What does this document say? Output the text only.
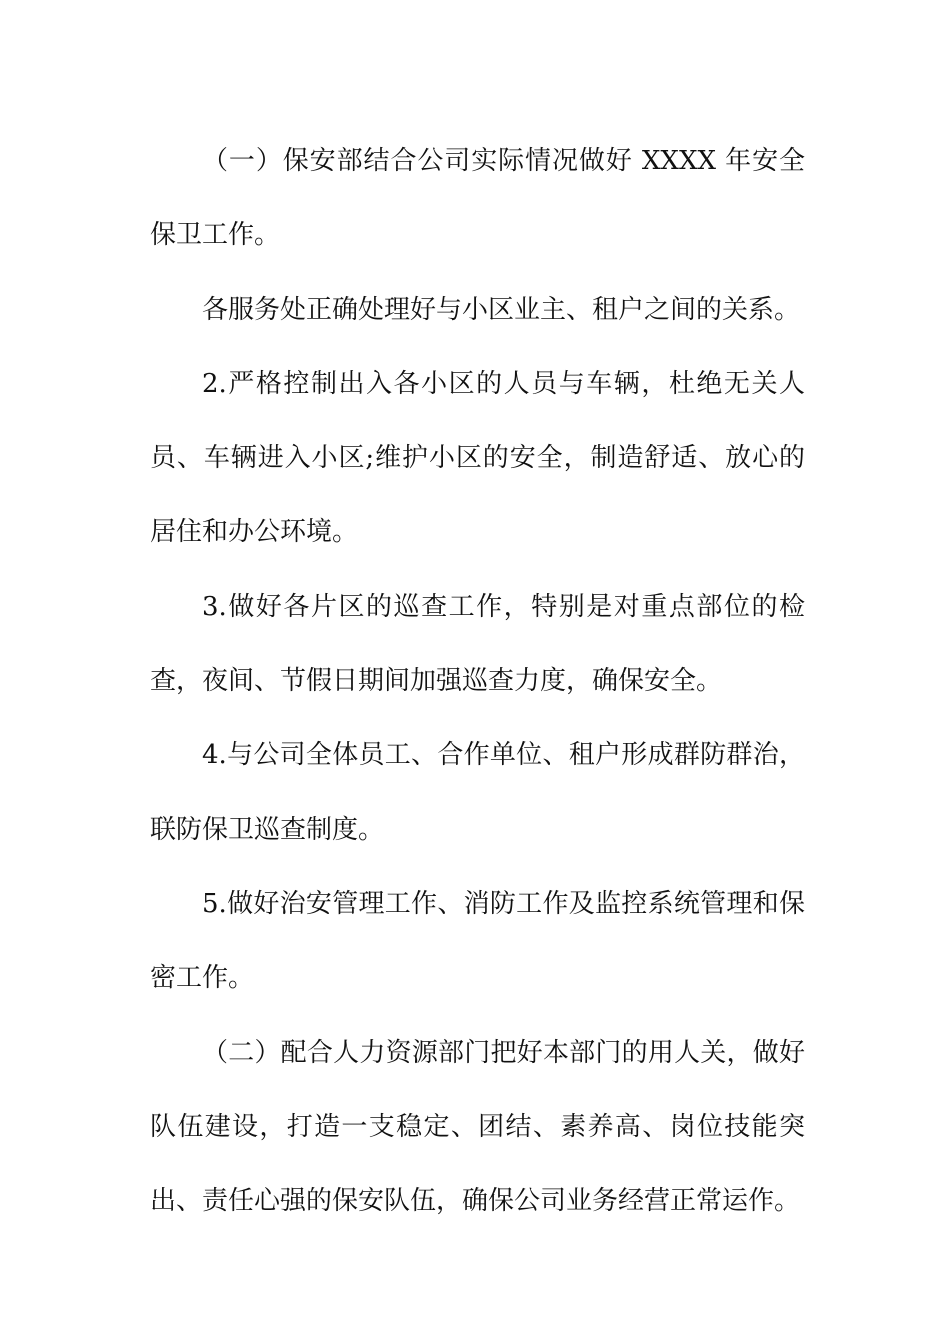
（一）保安部结合公司实际情况做好 XXXX 年安全保卫工作。

各服务处正确处理好与小区业主、租户之间的关系。

2.严格控制出入各小区的人员与车辆，杜绝无关人员、车辆进入小区;维护小区的安全，制造舒适、放心的居住和办公环境。

3.做好各片区的巡查工作，特别是对重点部位的检查，夜间、节假日期间加强巡查力度，确保安全。

4.与公司全体员工、合作单位、租户形成群防群治，联防保卫巡查制度。

5.做好治安管理工作、消防工作及监控系统管理和保密工作。

（二）配合人力资源部门把好本部门的用人关，做好队伍建设，打造一支稳定、团结、素养高、岗位技能突出、责任心强的保安队伍，确保公司业务经营正常运作。
